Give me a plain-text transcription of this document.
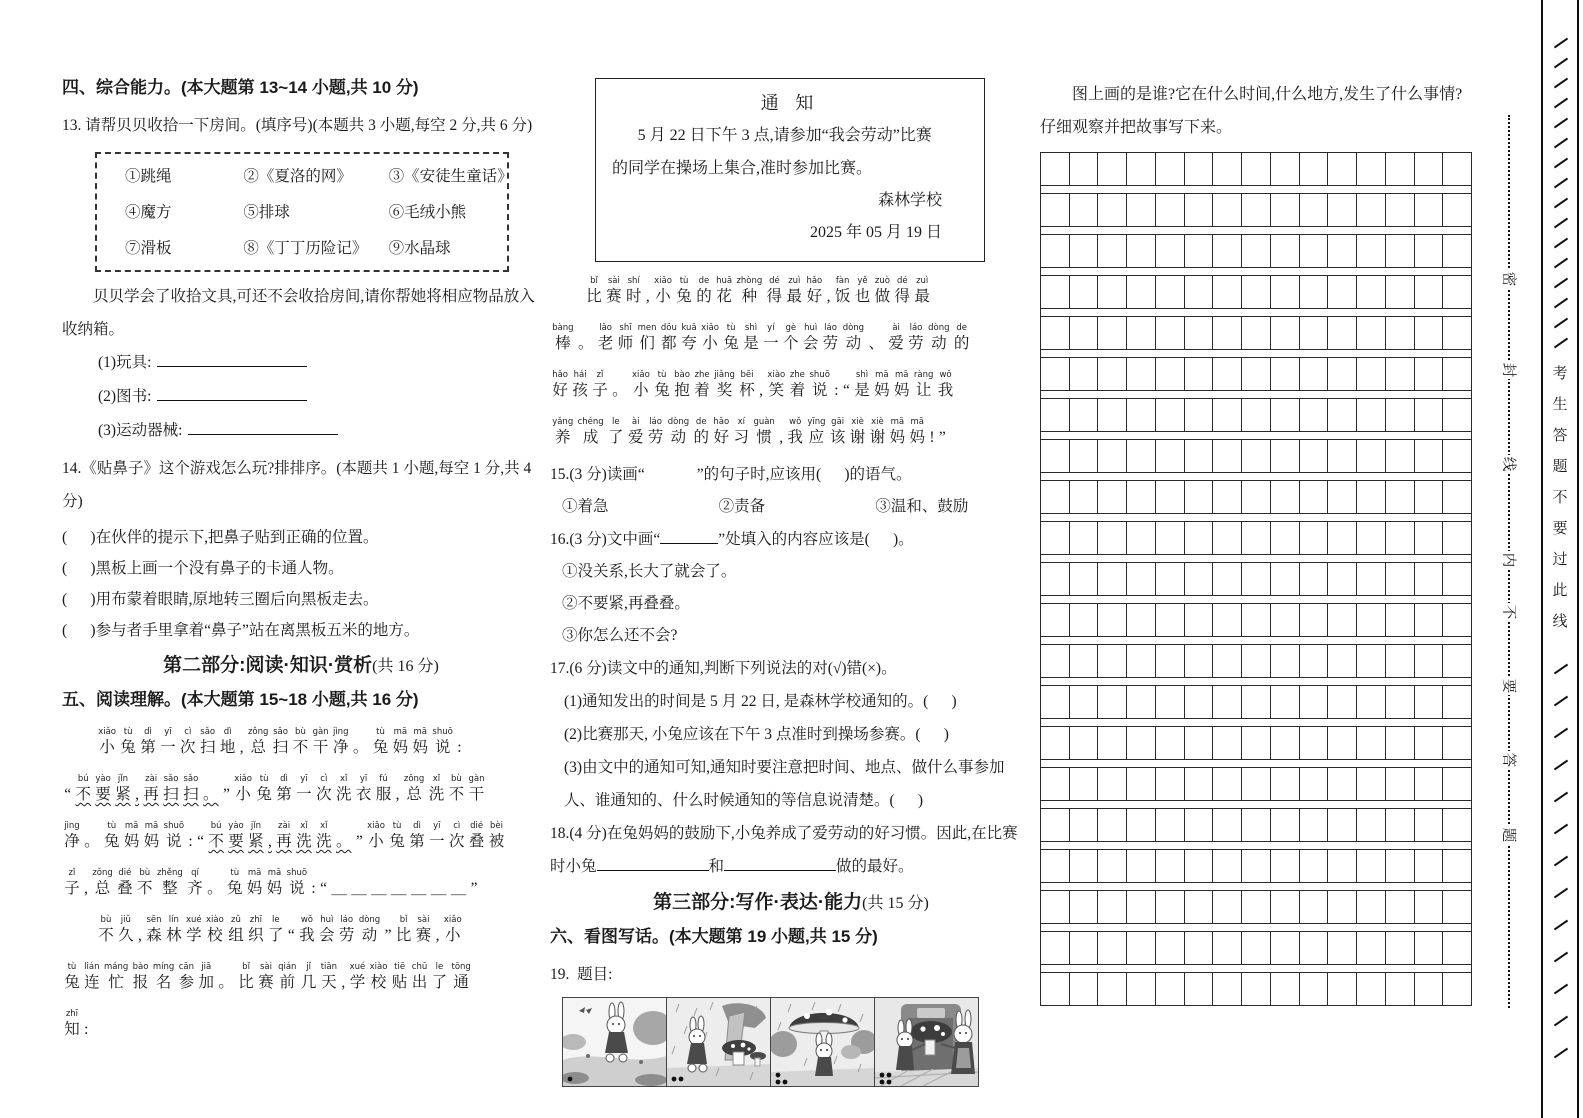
四、综合能力。(本大题第 13~14 小题,共 10 分)
13. 请帮贝贝收拾一下房间。(填序号)(本题共 3 小题,每空 2 分,共 6 分)
①跳绳	②《夏洛的网》	③《安徒生童话》
④魔方	⑤排球	⑥毛绒小熊
⑦滑板	⑧《丁丁历险记》	⑨水晶球
贝贝学会了收拾文具,可还不会收拾房间,请你帮她将相应物品放入收纳箱。
(1)玩具:
(2)图书:
(3)运动器械:
14.《贴鼻子》这个游戏怎么玩?排排序。(本题共 1 小题,每空 1 分,共 4 分)
(      )在伙伴的提示下,把鼻子贴到正确的位置。
(      )黑板上画一个没有鼻子的卡通人物。
(      )用布蒙着眼睛,原地转三圈后向黑板走去。
(      )参与者手里拿着“鼻子”站在离黑板五米的地方。
第二部分:阅读·知识·赏析(共 16 分)
五、阅读理解。(本大题第 15~18 小题,共 16 分)
xiǎo
小
tù
兔
dì
第
yī
一
cì
次
sǎo
扫
dì
地
,
zǒng
总
sǎo
扫
bù
不
gàn
干
jìng
净
。
tù
兔
mā
妈
mā
妈
shuō
说
:

“
bú
不
yào
要
jǐn
紧
,
zài
再
sǎo
扫
sǎo
扫
。
”
xiǎo
小
tù
兔
dì
第
yī
一
cì
次
xǐ
洗
yī
衣
fú
服
,
zǒng
总
xǐ
洗
bù
不
gàn
干
jìng
净
。
tù
兔
mā
妈
mā
妈
shuō
说
:
“
bú
不
yào
要
jǐn
紧
,
zài
再
xǐ
洗
xǐ
洗
。
”
xiǎo
小
tù
兔
dì
第
yī
一
cì
次
dié
叠
bèi
被
zǐ
子
,
zǒng
总
dié
叠
bù
不
zhěng
整
qí
齐
。
tù
兔
mā
妈
mā
妈
shuō
说
:
“
＿
＿
＿
＿
＿
＿
＿
”
bù
不
jiǔ
久
,
sēn
森
lín
林
xué
学
xiào
校
zǔ
组
zhī
织
le
了
“
wǒ
我
huì
会
láo
劳
dòng
动
”
bǐ
比
sài
赛
,
xiǎo
小
tù
兔
lián
连
máng
忙
bào
报
míng
名
cān
参
jiā
加
。
bǐ
比
sài
赛
qián
前
jǐ
几
tiān
天
,
xué
学
xiào
校
tiē
贴
chū
出
le
了
tōng
通
zhī
知
:
通 知
5 月 22 日下午 3 点,请参加“我会劳动”比赛
的同学在操场上集合,准时参加比赛。
森林学校
2025 年 05 月 19 日
bǐ
比
sài
赛
shí
时
,
xiǎo
小
tù
兔
de
的
huā
花
zhòng
种
dé
得
zuì
最
hǎo
好
,
fàn
饭
yě
也
zuò
做
dé
得
zuì
最
bàng
棒
。
lǎo
老
shī
师
men
们
dōu
都
kuā
夸
xiǎo
小
tù
兔
shì
是
yí
一
gè
个
huì
会
láo
劳
dòng
动
、
ài
爱
láo
劳
dòng
动
de
的
hǎo
好
hái
孩
zǐ
子
。
xiǎo
小
tù
兔
bào
抱
zhe
着
jiǎng
奖
bēi
杯
,
xiào
笑
zhe
着
shuō
说
:
“
shì
是
mā
妈
mā
妈
ràng
让
wǒ
我
yǎng
养
chéng
成
le
了
ài
爱
láo
劳
dòng
动
de
的
hǎo
好
xí
习
guàn
惯
,
wǒ
我
yīng
应
gāi
该
xiè
谢
xiè
谢
mā
妈
mā
妈
!
”
15.(3 分)读画“	”的句子时,应该用(      )的语气。
①着急	②责备	③温和、鼓励
16.(3 分)文中画“	”处填入的内容应该是(      )。
①没关系,长大了就会了。
②不要紧,再叠叠。
③你怎么还不会?
17.(6 分)读文中的通知,判断下列说法的对(√)错(×)。
(1)通知发出的时间是 5 月 22 日, 是森林学校通知的。(      )
(2)比赛那天, 小兔应该在下午 3 点准时到操场参赛。(      )
(3)由文中的通知可知,通知时要注意把时间、地点、做什么事参加人、谁通知的、什么时候通知的等信息说清楚。(      )
18.(4 分)在兔妈妈的鼓励下,小兔养成了爱劳动的好习惯。因此,在比赛时小兔	和	做的最好。
第三部分:写作·表达·能力(共 15 分)
六、看图写话。(本大题第 19 小题,共 15 分)
19.  题目:
图上画的是谁?它在什么时间,什么地方,发生了什么事情?
仔细观察并把故事写下来。
密
封
线
内
不
要
答
题
考
生
答
题
不
要
过
此
线
